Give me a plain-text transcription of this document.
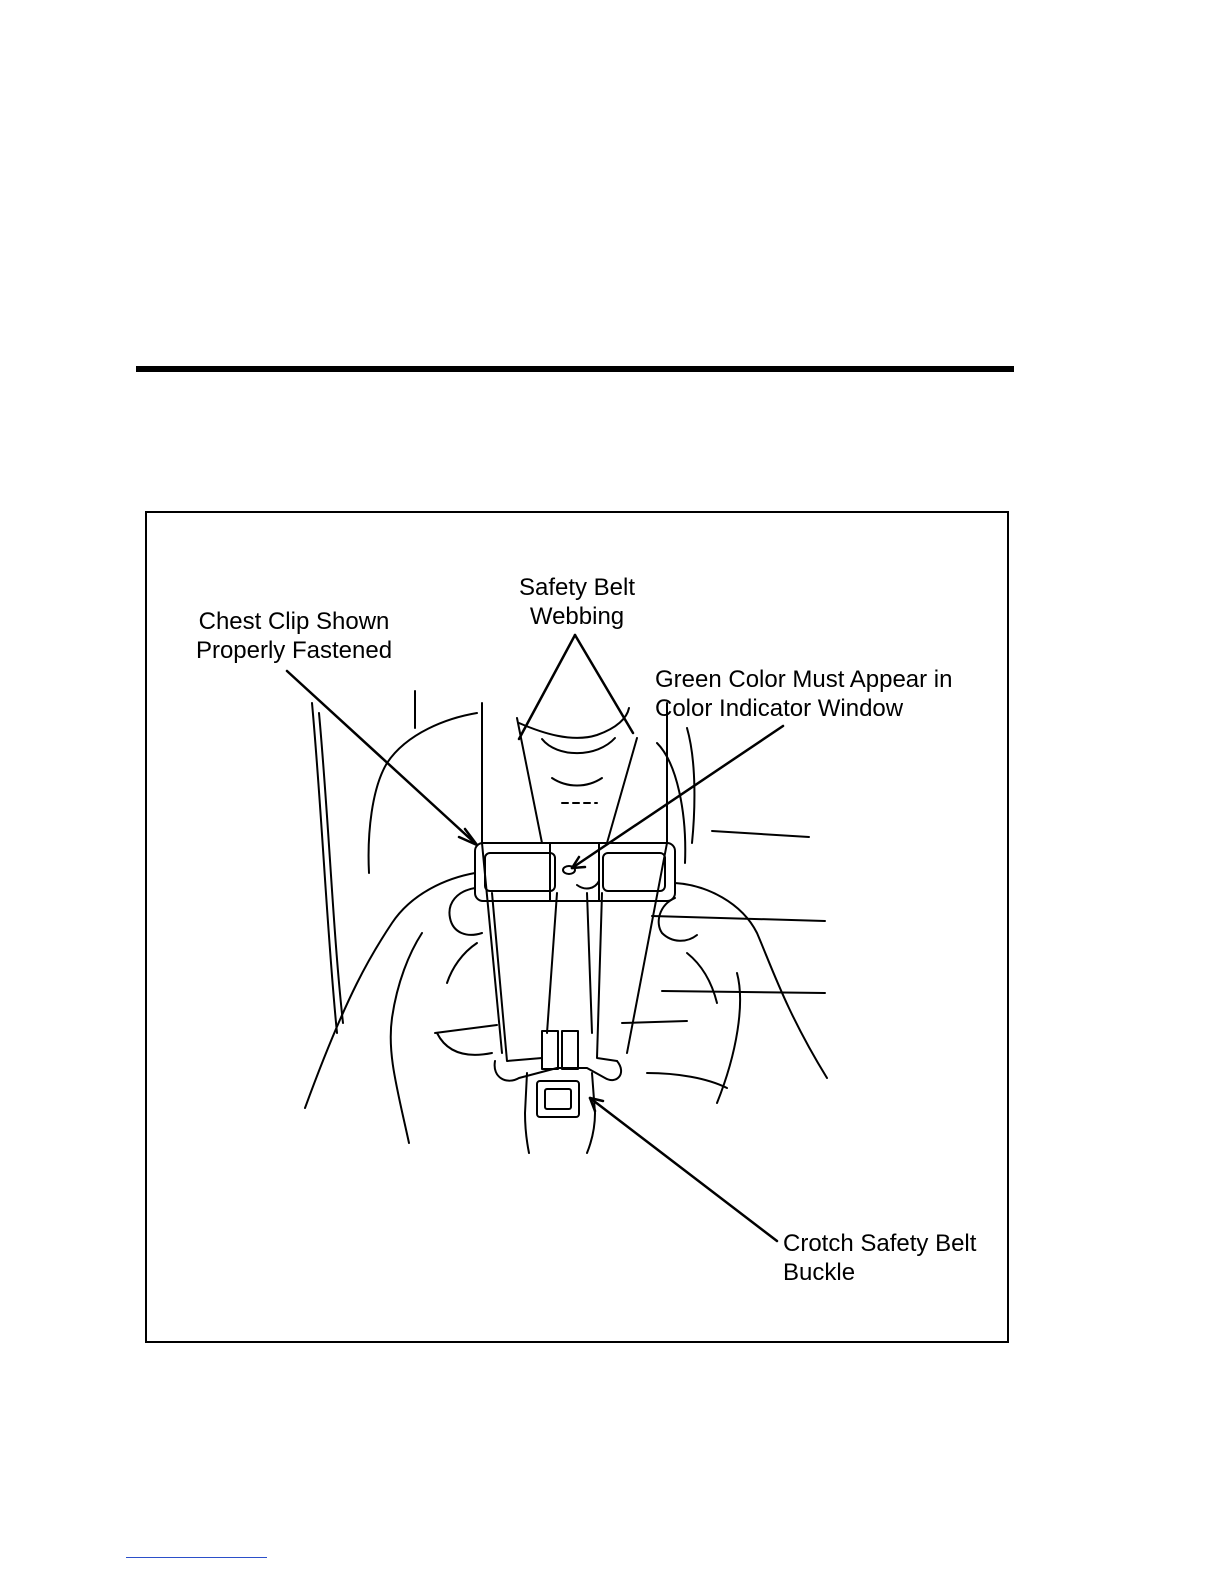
Chest Clip Shown Properly Fastened
Safety Belt Webbing
Green Color Must Appear in Color Indicator Window
Crotch Safety Belt Buckle
